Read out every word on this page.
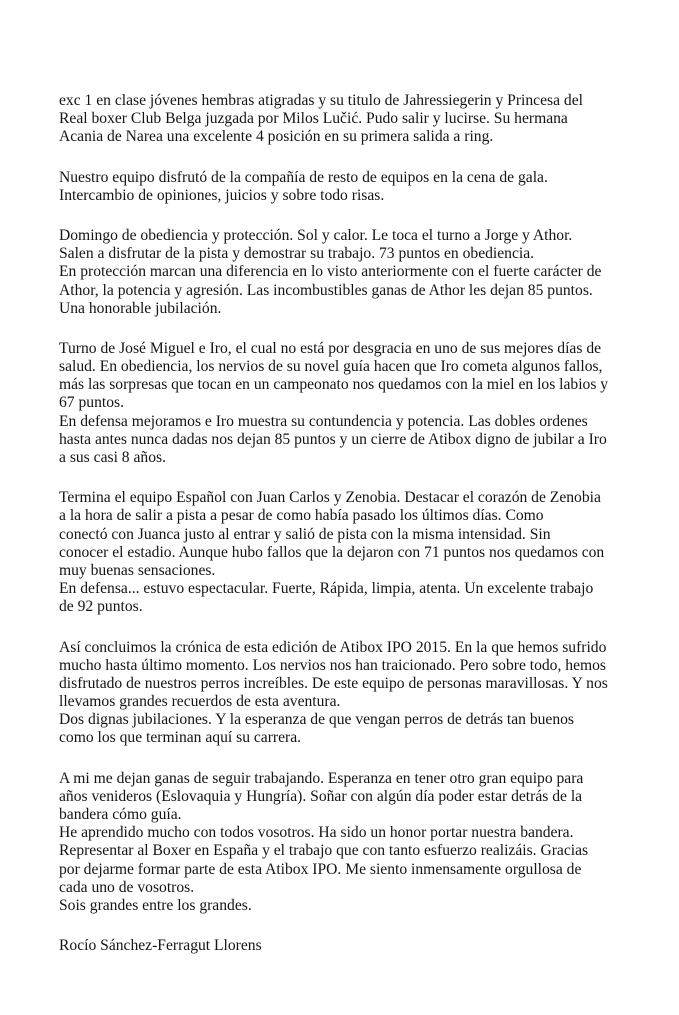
exc 1 en clase jóvenes hembras atigradas y su titulo de Jahressiegerin y Princesa del
Real boxer Club Belga juzgada por Milos Lučić. Pudo salir y lucirse. Su hermana
Acania de Narea una excelente 4 posición en su primera salida a ring.
Nuestro equipo disfrutó de la compañía de resto de equipos en la cena de gala.
Intercambio de opiniones, juicios y sobre todo risas.
Domingo de obediencia y protección. Sol y calor. Le toca el turno a Jorge y Athor.
Salen a disfrutar de la pista y demostrar su trabajo. 73 puntos en obediencia.
En protección marcan una diferencia en lo visto anteriormente con el fuerte carácter de
Athor, la potencia y agresión. Las incombustibles ganas de Athor les dejan 85 puntos.
Una honorable jubilación.
Turno de José Miguel e Iro, el cual no está por desgracia en uno de sus mejores días de
salud. En obediencia, los nervios de su novel guía hacen que Iro cometa algunos fallos,
más las sorpresas que tocan en un campeonato nos quedamos con la miel en los labios y
67 puntos.
En defensa mejoramos e Iro muestra su contundencia y potencia. Las dobles ordenes
hasta antes nunca dadas nos dejan 85 puntos y un cierre de Atibox digno de jubilar a Iro
a sus casi 8 años.
Termina el equipo Español con Juan Carlos y Zenobia. Destacar el corazón de Zenobia
a la hora de salir a pista a pesar de como había pasado los últimos días. Como
conectó con Juanca justo al entrar y salió de pista con la misma intensidad. Sin
conocer el estadio. Aunque hubo fallos que la dejaron con 71 puntos nos quedamos con
muy buenas sensaciones.
En defensa... estuvo espectacular. Fuerte, Rápida, limpia, atenta. Un excelente trabajo
de 92 puntos.
Así concluimos la crónica de esta edición de Atibox IPO 2015. En la que hemos sufrido
mucho hasta último momento. Los nervios nos han traicionado. Pero sobre todo, hemos
disfrutado de nuestros perros increíbles. De este equipo de personas maravillosas. Y nos
llevamos grandes recuerdos de esta aventura.
Dos dignas jubilaciones. Y la esperanza de que vengan perros de detrás tan buenos
como los que terminan aquí su carrera.
A mi me dejan ganas de seguir trabajando. Esperanza en tener otro gran equipo para
años venideros (Eslovaquia y Hungría). Soñar con algún día poder estar detrás de la
bandera cómo guía.
He aprendido mucho con todos vosotros. Ha sido un honor portar nuestra bandera.
Representar al Boxer en España y el trabajo que con tanto esfuerzo realizáis. Gracias
por dejarme formar parte de esta Atibox IPO. Me siento inmensamente orgullosa de
cada uno de vosotros.
Sois grandes entre los grandes.
Rocío Sánchez-Ferragut Llorens
